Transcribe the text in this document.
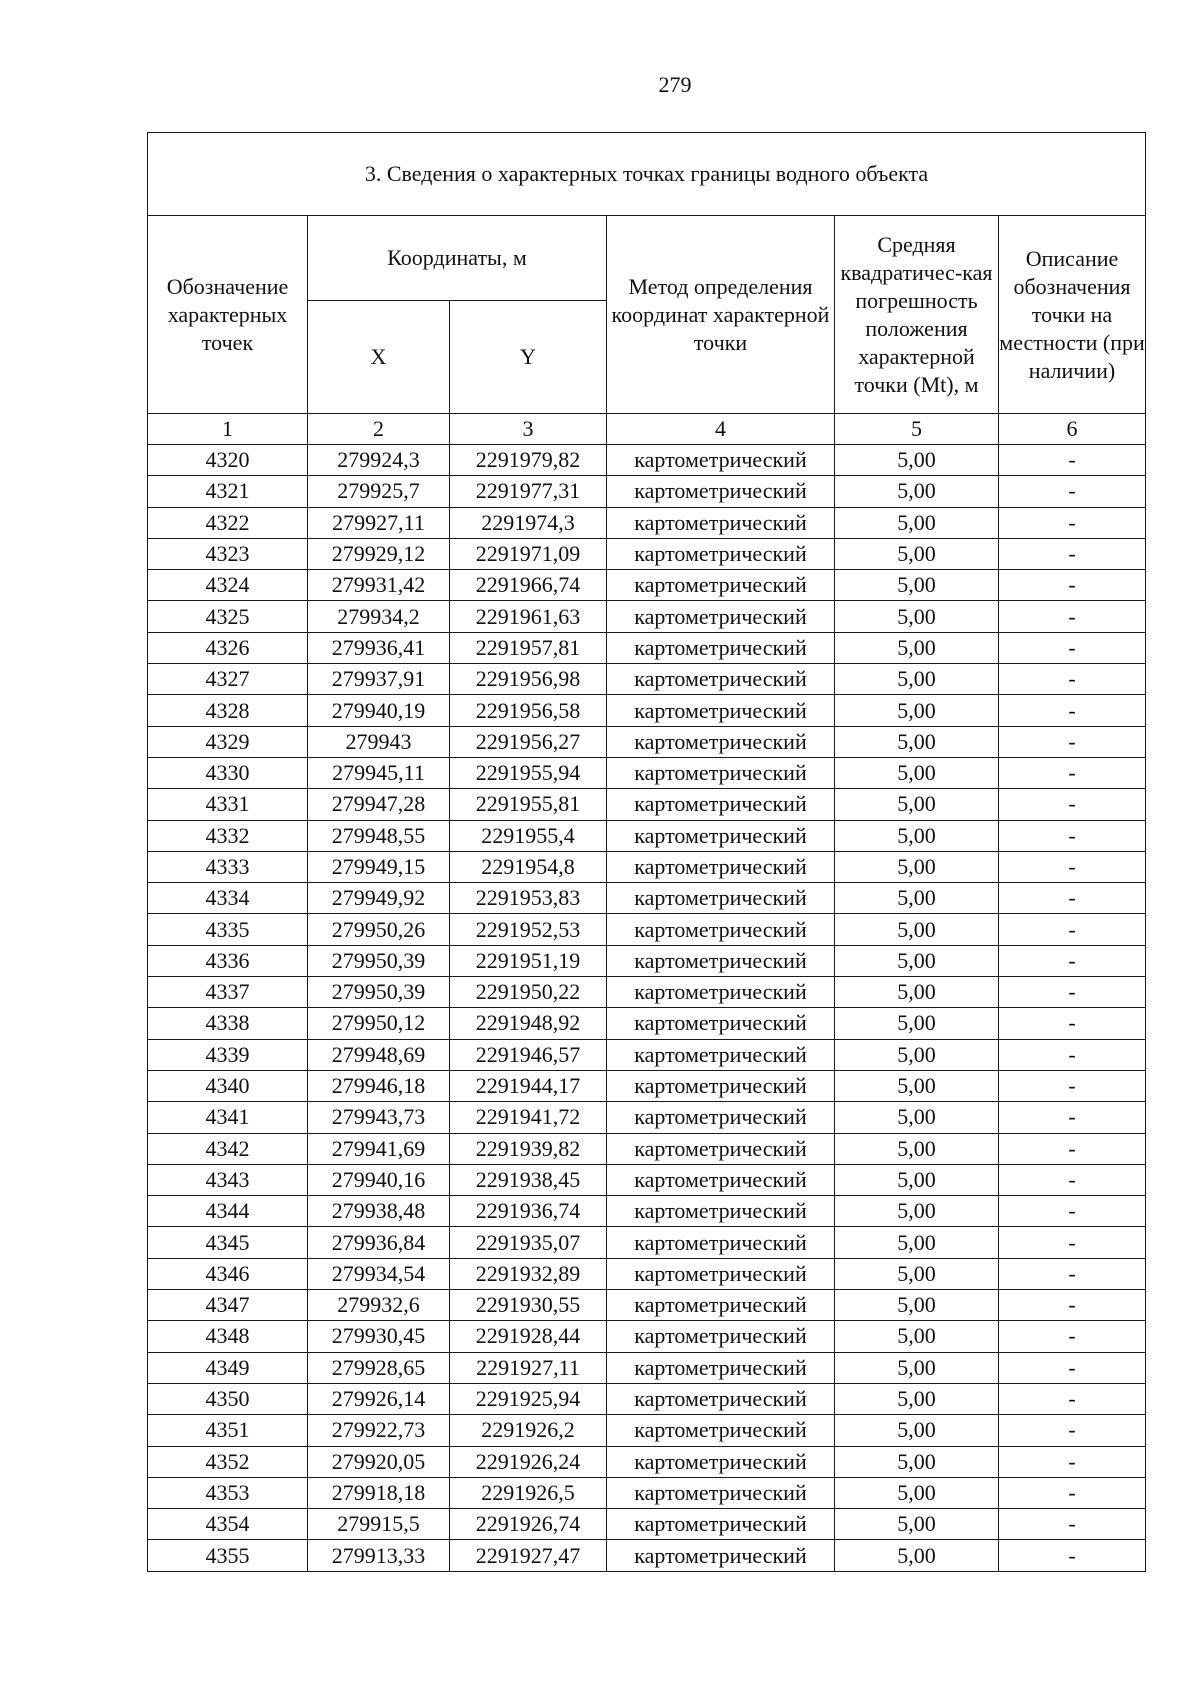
279
3. Сведения о характерных точках границы водного объекта					
Обозначение характерных точек	Координаты, м		Метод определения координат характерной точки	Средняя квадратичес-кая погрешность положения характерной точки (Mt), м	Описание обозначения точки на местности (при наличии)
	X	Y			
1	2	3	4	5	6
4320	279924,3	2291979,82	картометрический	5,00	-
4321	279925,7	2291977,31	картометрический	5,00	-
4322	279927,11	2291974,3	картометрический	5,00	-
4323	279929,12	2291971,09	картометрический	5,00	-
4324	279931,42	2291966,74	картометрический	5,00	-
4325	279934,2	2291961,63	картометрический	5,00	-
4326	279936,41	2291957,81	картометрический	5,00	-
4327	279937,91	2291956,98	картометрический	5,00	-
4328	279940,19	2291956,58	картометрический	5,00	-
4329	279943	2291956,27	картометрический	5,00	-
4330	279945,11	2291955,94	картометрический	5,00	-
4331	279947,28	2291955,81	картометрический	5,00	-
4332	279948,55	2291955,4	картометрический	5,00	-
4333	279949,15	2291954,8	картометрический	5,00	-
4334	279949,92	2291953,83	картометрический	5,00	-
4335	279950,26	2291952,53	картометрический	5,00	-
4336	279950,39	2291951,19	картометрический	5,00	-
4337	279950,39	2291950,22	картометрический	5,00	-
4338	279950,12	2291948,92	картометрический	5,00	-
4339	279948,69	2291946,57	картометрический	5,00	-
4340	279946,18	2291944,17	картометрический	5,00	-
4341	279943,73	2291941,72	картометрический	5,00	-
4342	279941,69	2291939,82	картометрический	5,00	-
4343	279940,16	2291938,45	картометрический	5,00	-
4344	279938,48	2291936,74	картометрический	5,00	-
4345	279936,84	2291935,07	картометрический	5,00	-
4346	279934,54	2291932,89	картометрический	5,00	-
4347	279932,6	2291930,55	картометрический	5,00	-
4348	279930,45	2291928,44	картометрический	5,00	-
4349	279928,65	2291927,11	картометрический	5,00	-
4350	279926,14	2291925,94	картометрический	5,00	-
4351	279922,73	2291926,2	картометрический	5,00	-
4352	279920,05	2291926,24	картометрический	5,00	-
4353	279918,18	2291926,5	картометрический	5,00	-
4354	279915,5	2291926,74	картометрический	5,00	-
4355	279913,33	2291927,47	картометрический	5,00	-
